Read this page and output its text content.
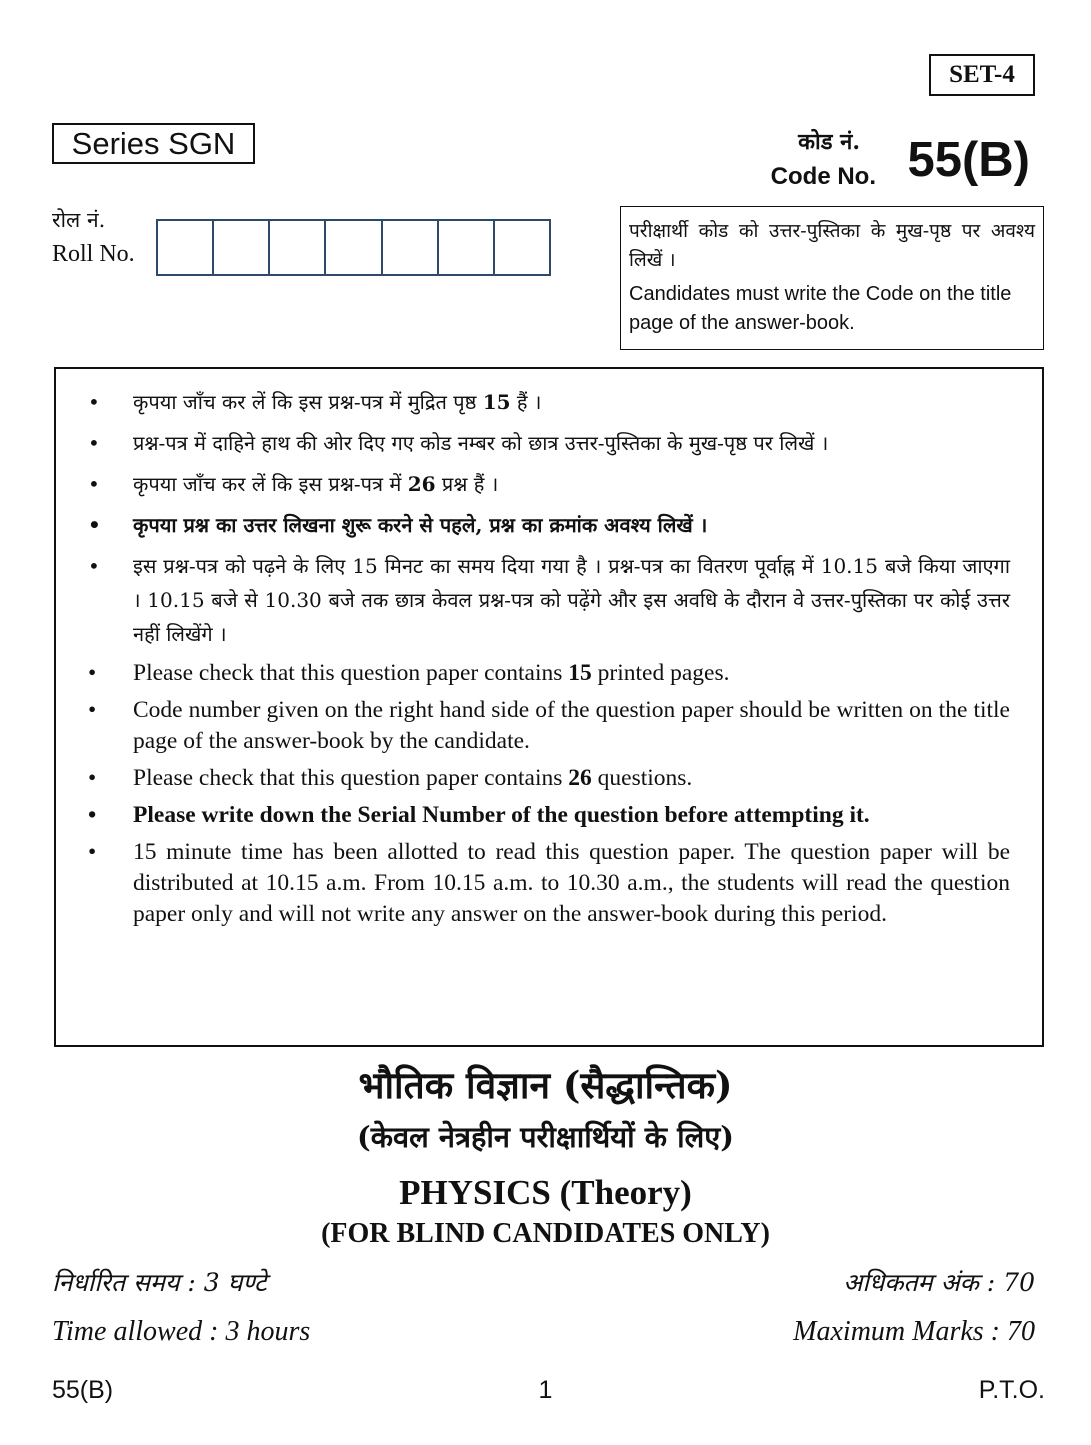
SET-4
Series SGN	कोड नं.
Code No. 55(B)
रोल नं.
Roll No.
परीक्षार्थी कोड को उत्तर-पुस्तिका के मुख-पृष्ठ पर अवश्य लिखें ।
Candidates must write the Code on the title page of the answer-book.
• कृपया जाँच कर लें कि इस प्रश्न-पत्र में मुद्रित पृष्ठ 15 हैं ।
• प्रश्न-पत्र में दाहिने हाथ की ओर दिए गए कोड नम्बर को छात्र उत्तर-पुस्तिका के मुख-पृष्ठ पर लिखें ।
• कृपया जाँच कर लें कि इस प्रश्न-पत्र में 26 प्रश्न हैं ।
• कृपया प्रश्न का उत्तर लिखना शुरू करने से पहले, प्रश्न का क्रमांक अवश्य लिखें ।
• इस प्रश्न-पत्र को पढ़ने के लिए 15 मिनट का समय दिया गया है । प्रश्न-पत्र का वितरण पूर्वाह्न में 10.15 बजे किया जाएगा । 10.15 बजे से 10.30 बजे तक छात्र केवल प्रश्न-पत्र को पढ़ेंगे और इस अवधि के दौरान वे उत्तर-पुस्तिका पर कोई उत्तर नहीं लिखेंगे ।
• Please check that this question paper contains 15 printed pages.
• Code number given on the right hand side of the question paper should be written on the title page of the answer-book by the candidate.
• Please check that this question paper contains 26 questions.
• Please write down the Serial Number of the question before attempting it.
• 15 minute time has been allotted to read this question paper. The question paper will be distributed at 10.15 a.m. From 10.15 a.m. to 10.30 a.m., the students will read the question paper only and will not write any answer on the answer-book during this period.
भौतिक विज्ञान (सैद्धान्तिक)
(केवल नेत्रहीन परीक्षार्थियों के लिए)
PHYSICS (Theory)
(FOR BLIND CANDIDATES ONLY)
निर्धारित समय : 3 घण्टे	अधिकतम अंक : 70
Time allowed : 3 hours	Maximum Marks : 70
55(B)	1	P.T.O.
